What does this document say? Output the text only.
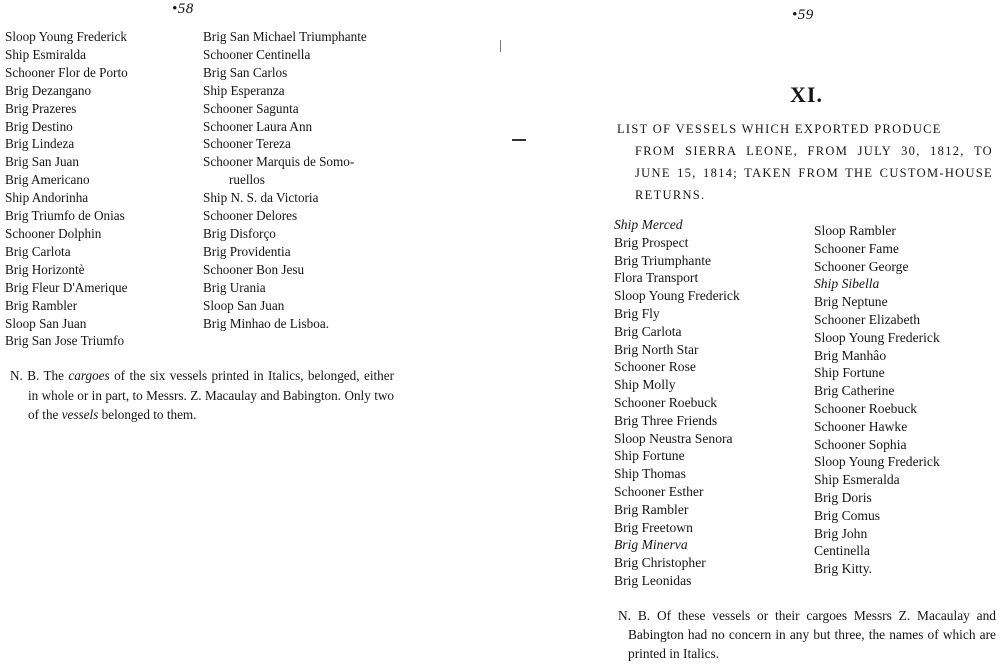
•58
Sloop Young Frederick
Ship Esmiralda
Schooner Flor de Porto
Brig Dezangano
Brig Prazeres
Brig Destino
Brig Lindeza
Brig San Juan
Brig Americano
Ship Andorinha
Brig Triumfo de Onias
Schooner Dolphin
Brig Carlota
Brig Horizontè
Brig Fleur D'Amerique
Brig Rambler
Sloop San Juan
Brig San Jose Triumfo
Brig San Michael Triumphante
Schooner Centinella
Brig San Carlos
Ship Esperanza
Schooner Sagunta
Schooner Laura Ann
Schooner Tereza
Schooner Marquis de Somo-
ruellos
Ship N. S. da Victoria
Schooner Delores
Brig Disforço
Brig Providentia
Schooner Bon Jesu
Brig Urania
Sloop San Juan
Brig Minhao de Lisboa.

N. B. The cargoes of the six vessels printed in Italics, belonged, either in whole or in part, to Messrs. Z. Macaulay and Babington. Only two of the vessels belonged to them.

•59
XI.

LIST OF VESSELS WHICH EXPORTED PRODUCE
FROM SIERRA LEONE, FROM JULY 30, 1812, TO JUNE 15, 1814; TAKEN FROM THE CUSTOM-HOUSE RETURNS.

Ship Merced
Brig Prospect
Brig Triumphante
Flora Transport
Sloop Young Frederick
Brig Fly
Brig Carlota
Brig North Star
Schooner Rose
Ship Molly
Schooner Roebuck
Brig Three Friends
Sloop Neustra Senora
Ship Fortune
Ship Thomas
Schooner Esther
Brig Rambler
Brig Freetown
Brig Minerva
Brig Christopher
Brig Leonidas
Sloop Rambler
Schooner Fame
Schooner George
Ship Sibella
Brig Neptune
Schooner Elizabeth
Sloop Young Frederick
Brig Manhâo
Ship Fortune
Brig Catherine
Schooner Roebuck
Schooner Hawke
Schooner Sophia
Sloop Young Frederick
Ship Esmeralda
Brig Doris
Brig Comus
Brig John
Centinella
Brig Kitty.

N. B. Of these vessels or their cargoes Messrs Z. Macaulay and Babington had no concern in any but three, the names of which are printed in Italics.
